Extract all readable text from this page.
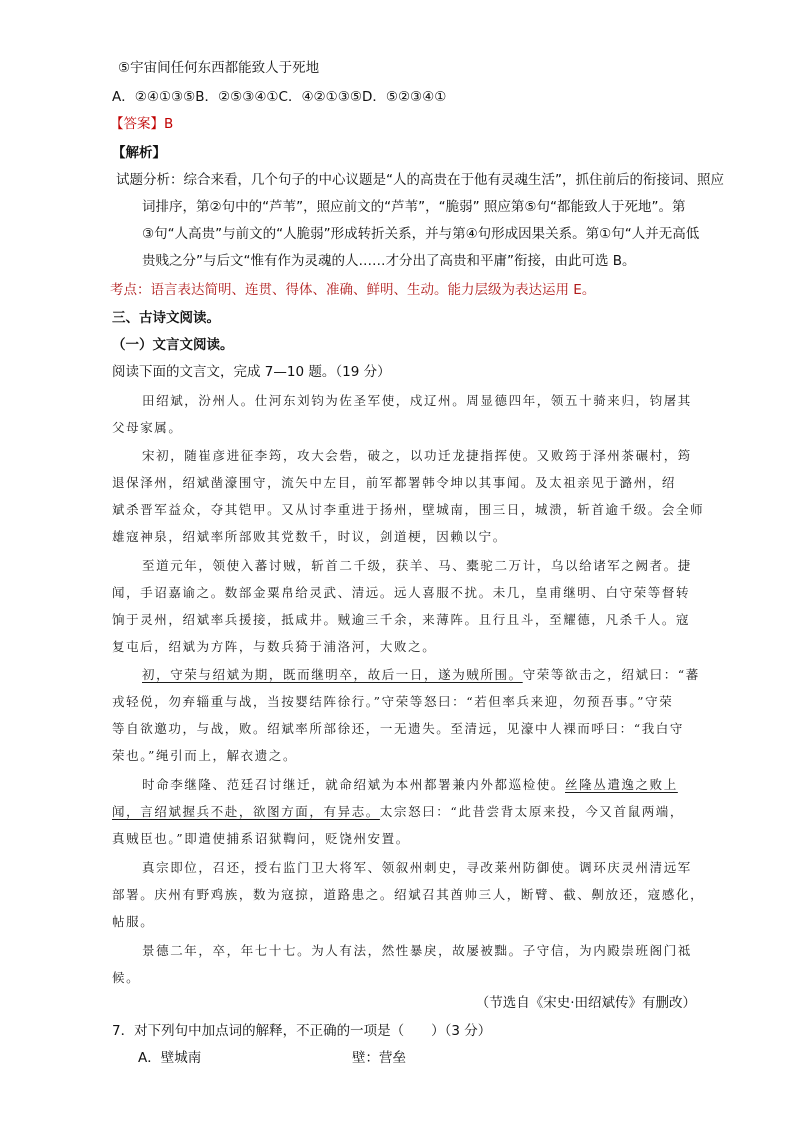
⑤宇宙间任何东西都能致人于死地
A．②④①③⑤B．②⑤③④①C．④②①③⑤D．⑤②③④①
【答案】B
【解析】
试题分析：综合来看，几个句子的中心议题是“人的高贵在于他有灵魂生活”，抓住前后的衔接词、照应
词排序，第②句中的“芦苇”，照应前文的“芦苇”，“脆弱” 照应第⑤句“都能致人于死地”。第
③句“人高贵”与前文的“人脆弱”形成转折关系，并与第④句形成因果关系。第①句“人并无高低
贵贱之分”与后文“惟有作为灵魂的人……才分出了高贵和平庸”衔接，由此可选 B。
考点：语言表达简明、连贯、得体、准确、鲜明、生动。能力层级为表达运用 E。
三、古诗文阅读。
（一）文言文阅读。
阅读下面的文言文，完成 7—10 题。（19 分）
田绍斌，汾州人。仕河东刘钧为佐圣军使，戍辽州。周显德四年，领五十骑来归，钧屠其
父母家属。
宋初，随崔彦进征李筠，攻大会砦，破之，以功迁龙捷指挥使。又败筠于泽州茶碾村，筠
退保泽州，绍斌凿濠围守，流矢中左目，前军都署韩令坤以其事闻。及太祖亲见于潞州，绍
斌杀晋军益众，夺其铠甲。又从讨李重进于扬州，壁城南，围三日，城溃，斩首逾千级。会全师
雄寇神泉，绍斌率所部败其党数千，时议，剑道梗，因赖以宁。
至道元年，领使入蕃讨贼，斩首二千级，获羊、马、橐驼二万计，乌以给诸军之阙者。捷
闻，手诏嘉谕之。数部金粟帛给灵武、清远。远人喜服不扰。未几，皇甫继明、白守荣等督转
饷于灵州，绍斌率兵援接，抵咸井。贼逾三千余，来薄阵。且行且斗，至耀德，凡杀千人。寇
复屯后，绍斌为方阵，与数兵猗于浦洛河，大败之。
初，守荣与绍斌为期，既而继明卒，故后一日，遂为贼所围。守荣等欲击之，绍斌曰：“蕃
戎轻侻，勿弃辎重与战，当按婴结阵徐行。”守荣等怒曰：“若但率兵来迎，勿预吾事。”守荣
等自欲邀功，与战，败。绍斌率所部徐还，一无遗失。至清远，见濠中人裸而呼曰：“我白守
荣也。”绳引而上，解衣遗之。
时命李继隆、范廷召讨继迁，就命绍斌为本州都署兼内外都巡检使。丝隆丛遣逸之败上
闻，言绍斌握兵不赴，欲图方面，有异志。太宗怒曰：“此昔尝背太原来投，今又首鼠两端，
真贼臣也。”即遣使捕系诏狱鞫问，贬饶州安置。
真宗即位，召还，授右监门卫大将军、领叙州刺史，寻改莱州防御使。调环庆灵州清远军
部署。庆州有野鸡族，数为寇掠，道路患之。绍斌召其酋帅三人，断臂、截、劓放还，寇感化，
帖服。
景德二年，卒，年七十七。为人有法，然性暴戾，故屡被黜。子守信，为内殿崇班阁门祗
候。
（节选自《宋史·田绍斌传》有删改）
7．对下列句中加点词的解释，不正确的一项是（　　）（3 分）
A．壁城南	壁：营垒
